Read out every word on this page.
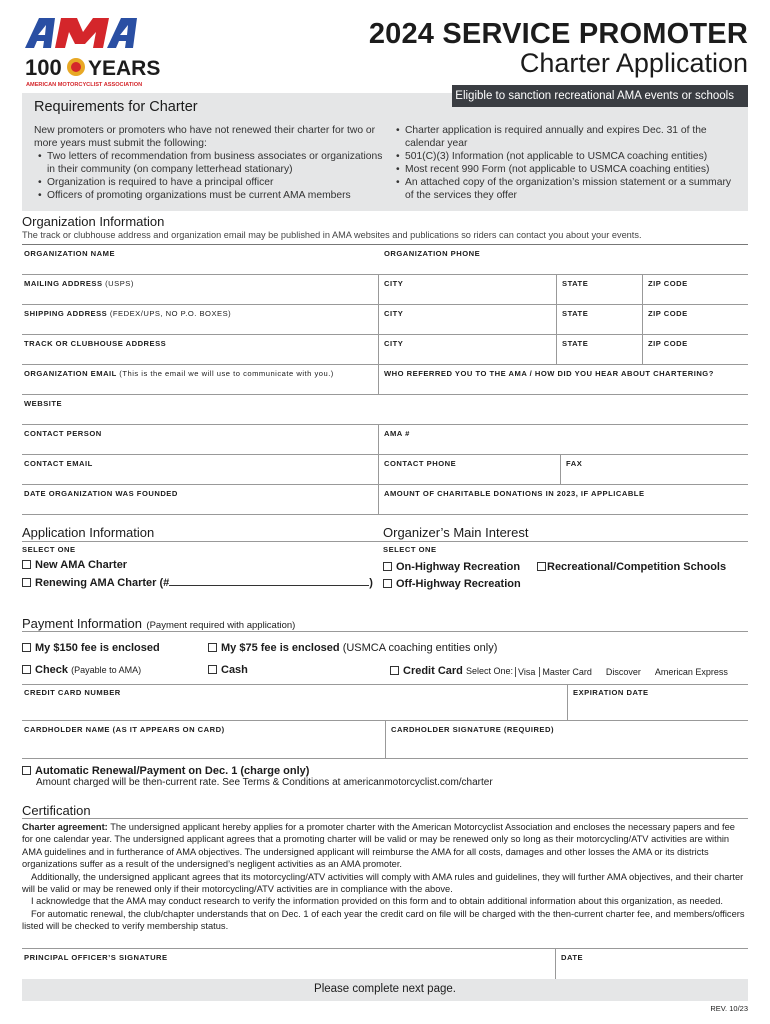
100 YEARS
AMERICAN MOTORCYCLIST ASSOCIATION
2024 SERVICE PROMOTER
Charter Application
Eligible to sanction recreational AMA events or schools
Requirements for Charter
New promoters or promoters who have not renewed their charter for two or more years must submit the following:
• Two letters of recommendation from business associates or organizations in their community (on company letterhead stationary)
• Organization is required to have a principal officer
• Officers of promoting organizations must be current AMA members
• Charter application is required annually and expires Dec. 31 of the calendar year
• 501(C)(3) Information (not applicable to USMCA coaching entities)
• Most recent 990 Form (not applicable to USMCA coaching entities)
• An attached copy of the organization’s mission statement or a summary of the services they offer
Organization Information
The track or clubhouse address and organization email may be published in AMA websites and publications so riders can contact you about your events.
ORGANIZATION NAME	ORGANIZATION PHONE
MAILING ADDRESS (USPS)	CITY	STATE	ZIP CODE
SHIPPING ADDRESS (FEDEX/UPS, NO P.O. BOXES)	CITY	STATE	ZIP CODE
TRACK OR CLUBHOUSE ADDRESS	CITY	STATE	ZIP CODE
ORGANIZATION EMAIL (This is the email we will use to communicate with you.)	WHO REFERRED YOU TO THE AMA / HOW DID YOU HEAR ABOUT CHARTERING?
WEBSITE
CONTACT PERSON	AMA #
CONTACT EMAIL	CONTACT PHONE	FAX
DATE ORGANIZATION WAS FOUNDED	AMOUNT OF CHARITABLE DONATIONS IN 2023, IF APPLICABLE
Application Information	Organizer’s Main Interest
SELECT ONE	SELECT ONE
New AMA Charter
Renewing AMA Charter (#	)
On-Highway Recreation	Recreational/Competition Schools
Off-Highway Recreation
Payment Information (Payment required with application)
My $150 fee is enclosed	My $75 fee is enclosed (USMCA coaching entities only)
Check (Payable to AMA)	Cash	Credit Card Select One: Visa Master Card Discover American Express
CREDIT CARD NUMBER	EXPIRATION DATE
CARDHOLDER NAME (AS IT APPEARS ON CARD)	CARDHOLDER SIGNATURE (REQUIRED)
Automatic Renewal/Payment on Dec. 1 (charge only)
Amount charged will be then-current rate. See Terms & Conditions at americanmotorcyclist.com/charter
Certification

Charter agreement: The undersigned applicant hereby applies for a promoter charter with the American Motorcyclist Association and encloses the necessary papers and fee for one calendar year. The undersigned applicant agrees that a promoting charter will be valid or may be renewed only so long as their motorcycling/ATV activities are within AMA guidelines and in furtherance of AMA objectives. The undersigned applicant will reimburse the AMA for all costs, damages and other losses the AMA or its districts organizations suffer as a result of the undersigned’s negligent activities as an AMA promoter.

Additionally, the undersigned applicant agrees that its motorcycling/ATV activities will comply with AMA rules and guidelines, they will further AMA objectives, and their charter will be valid or may be renewed only if their motorcycling/ATV activities are in compliance with the above.

I acknowledge that the AMA may conduct research to verify the information provided on this form and to obtain additional information about this organization, as needed.

For automatic renewal, the club/chapter understands that on Dec. 1 of each year the credit card on file will be charged with the then-current charter fee, and members/officers listed will be checked to verify membership status.

PRINCIPAL OFFICER’S SIGNATURE	DATE
Please complete next page.
REV. 10/23
